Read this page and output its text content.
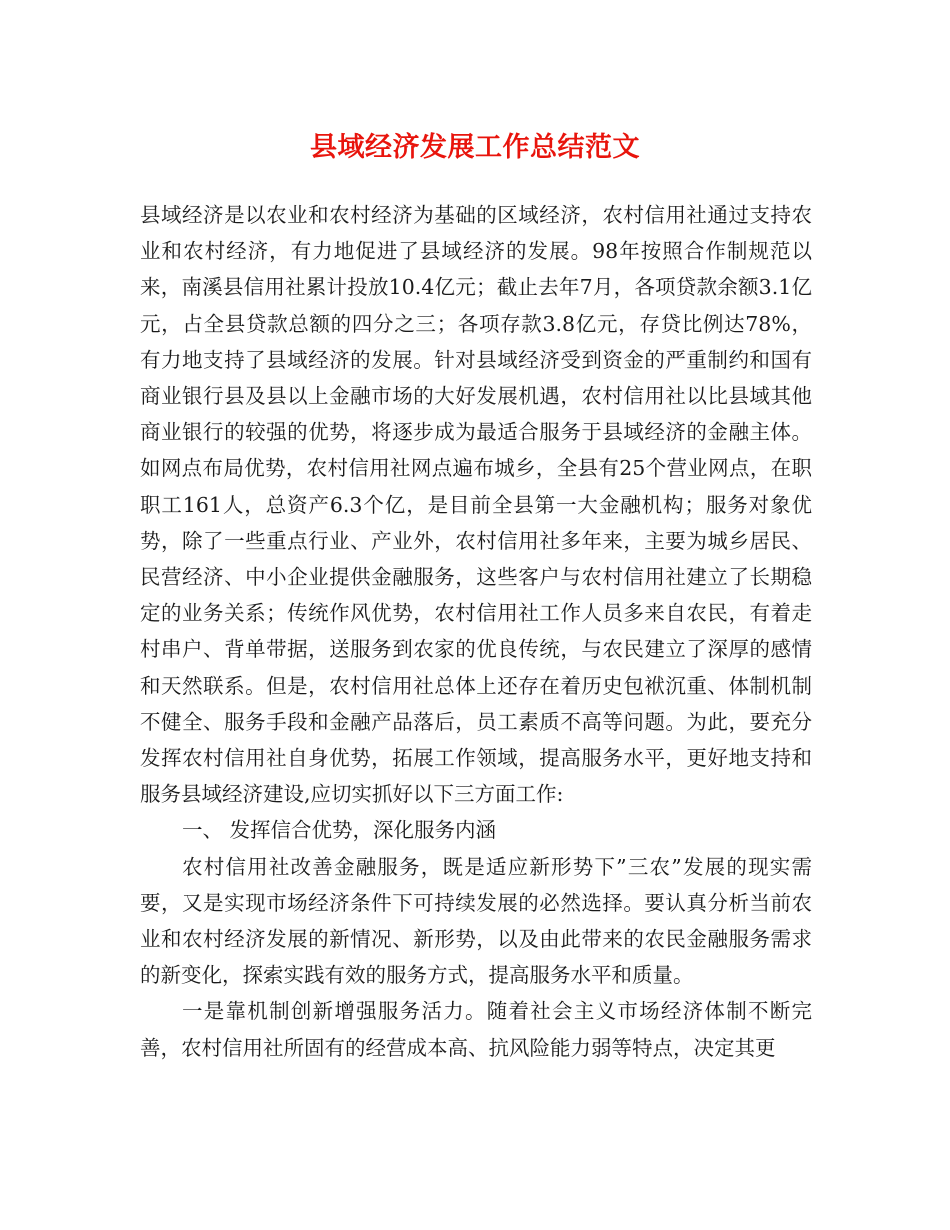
县域经济发展工作总结范文

县域经济是以农业和农村经济为基础的区域经济，农村信用社通过支持农业和农村经济，有力地促进了县域经济的发展。98年按照合作制规范以来，南溪县信用社累计投放10.4亿元；截止去年7月，各项贷款余额3.1亿元，占全县贷款总额的四分之三；各项存款3.8亿元，存贷比例达78%，有力地支持了县域经济的发展。针对县域经济受到资金的严重制约和国有商业银行县及县以上金融市场的大好发展机遇，农村信用社以比县域其他商业银行的较强的优势，将逐步成为最适合服务于县域经济的金融主体。如网点布局优势，农村信用社网点遍布城乡，全县有25个营业网点，在职职工161人，总资产6.3个亿，是目前全县第一大金融机构；服务对象优势，除了一些重点行业、产业外，农村信用社多年来，主要为城乡居民、民营经济、中小企业提供金融服务，这些客户与农村信用社建立了长期稳定的业务关系；传统作风优势，农村信用社工作人员多来自农民，有着走村串户、背单带据，送服务到农家的优良传统，与农民建立了深厚的感情和天然联系。但是，农村信用社总体上还存在着历史包袱沉重、体制机制不健全、服务手段和金融产品落后，员工素质不高等问题。为此，要充分发挥农村信用社自身优势，拓展工作领域，提高服务水平，更好地支持和服务县域经济建设,应切实抓好以下三方面工作:

一、 发挥信合优势，深化服务内涵

农村信用社改善金融服务，既是适应新形势下”三农”发展的现实需要，又是实现市场经济条件下可持续发展的必然选择。要认真分析当前农业和农村经济发展的新情况、新形势，以及由此带来的农民金融服务需求的新变化，探索实践有效的服务方式，提高服务水平和质量。

一是靠机制创新增强服务活力。随着社会主义市场经济体制不断完善，农村信用社所固有的经营成本高、抗风险能力弱等特点，决定其更
